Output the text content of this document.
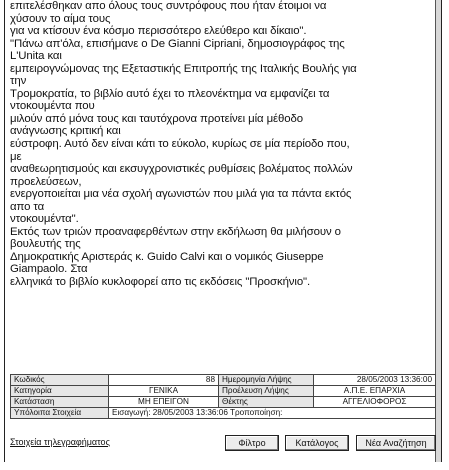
επιτελέσθηκαν απο όλους τους συντρόφους που ήταν έτοιμοι να
χύσουν το αίμα τους
για να κτίσουν ένα κόσμο περισσότερο ελεύθερο και δίκαιο".
"Πάνω απ'όλα, επισήμανε ο De Gianni Cipriani, δημοσιογράφος της
L'Unita και
εμπειρογνώμονας της Εξεταστικής Επιτροπής της Ιταλικής Βουλής για
την
Τρομοκρατία, το βιβλίο αυτό έχει το πλεονέκτημα να εμφανίζει τα
ντοκουμέντα που
μιλούν από μόνα τους και ταυτόχρονα προτείνει μία μέθοδο
ανάγνωσης κριτική και
εύστροφη. Αυτό δεν είναι κάτι το εύκολο, κυρίως σε μία περίοδο που,
με
αναθεωρητισμούς και εκσυγχρονιστικές ρυθμίσεις βολέματος πολλών
προελεύσεων,
ενεργοποιείται μια νέα σχολή αγωνιστών που μιλά για τα πάντα εκτός
απο τα
ντοκουμέντα".
Εκτός των τριών προαναφερθέντων στην εκδήλωση θα μιλήσουν ο
βουλευτής της
Δημοκρατικής Αριστεράς κ. Guido Calvi και ο νομικός Giuseppe
Giampaolo. Στα
ελληνικά το βιβλίο κυκλοφορεί απο τις εκδόσεις "Προσκήνιο".
Κωδικός	88	Ημερομηνία Λήψης	28/05/2003 13:36:00
Κατηγορία	ΓΕΝΙΚΑ	Προέλευση Λήψης	Α.Π.Ε. ΕΠΑΡΧΙΑ
Κατάσταση	ΜΗ ΕΠΕΙΓΟΝ	Θέκτης	ΑΓΓΕΛΙΟΦΟΡΟΣ
Υπόλοιπα Στοιχεία	Εισαγωγή: 28/05/2003 13:36:06 Τροποποίηση:		
Στοιχεία τηλεγραφήματος	Φίλτρο	Κατάλογος	Νέα Αναζήτηση
